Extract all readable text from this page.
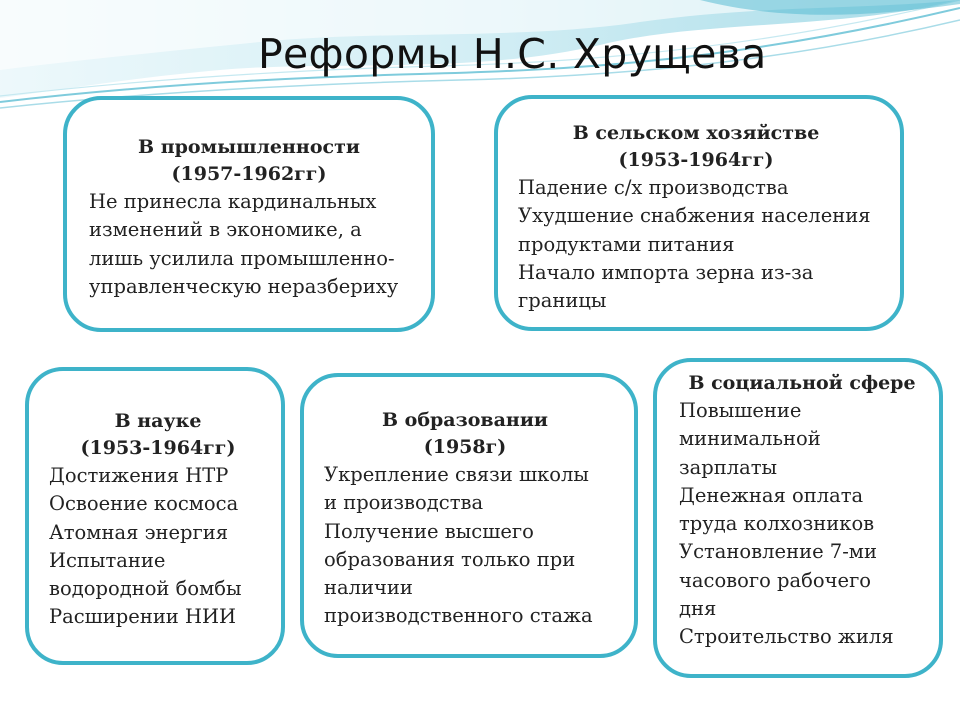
Реформы Н.С. Хрущева
В промышленности
(1957-1962гг)
Не принесла кардинальных
изменений в экономике, а
лишь усилила промышленно-
управленческую неразбериху
В сельском хозяйстве
(1953-1964гг)
Падение с/х производства
Ухудшение снабжения населения
продуктами питания
Начало импорта зерна из-за
границы
В науке
(1953-1964гг)
Достижения НТР
Освоение космоса
Атомная энергия
Испытание
водородной бомбы
Расширении НИИ
В образовании
(1958г)
Укрепление связи школы
и производства
Получение высшего
образования только при
наличии
производственного стажа
В социальной сфере
Повышение
минимальной
зарплаты
Денежная оплата
труда колхозников
Установление 7-ми
часового рабочего
дня
Строительство жиля
